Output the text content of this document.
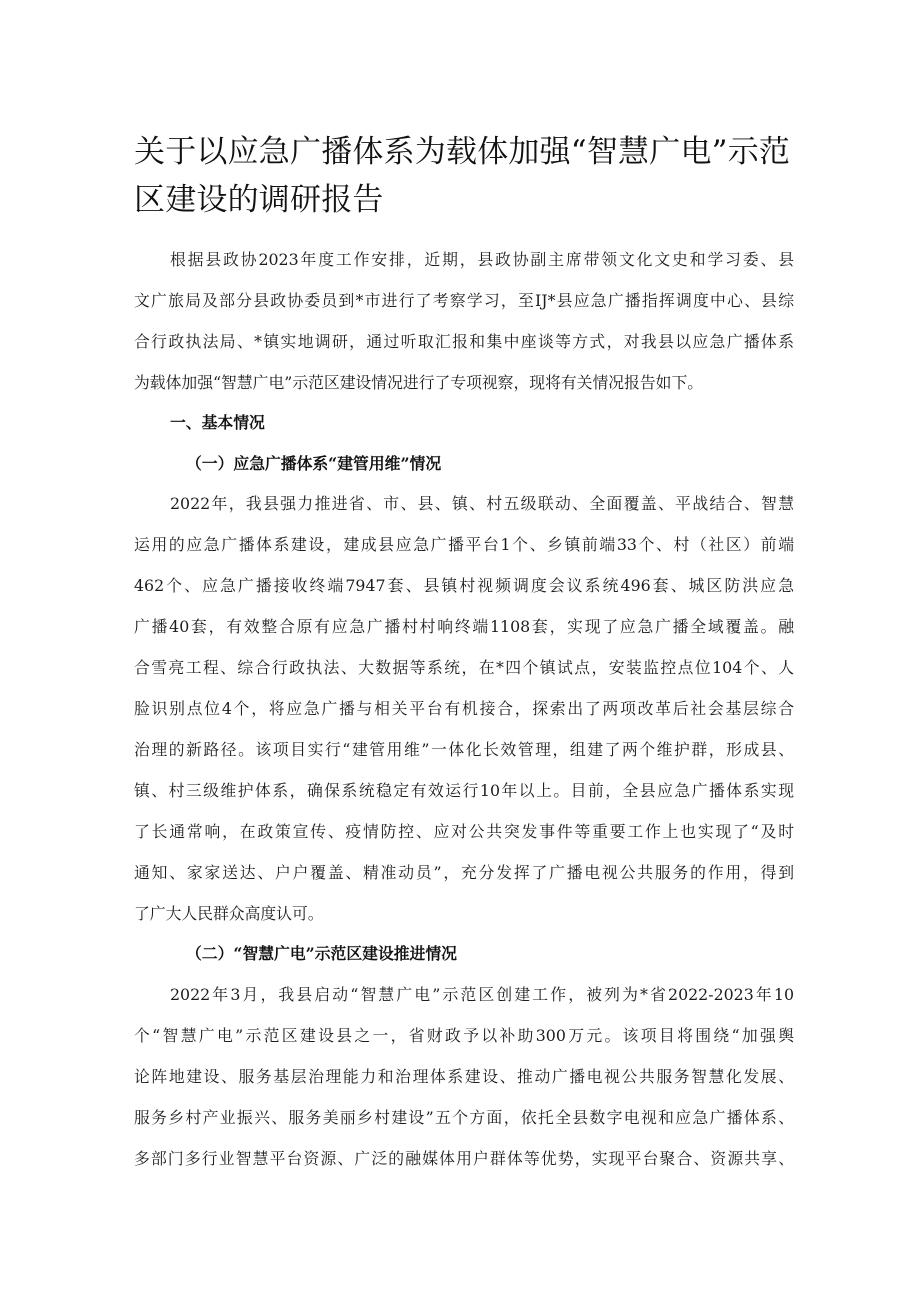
关于以应急广播体系为载体加强“智慧广电”示范区建设的调研报告

根据县政协2023年度工作安排，近期，县政协副主席带领文化文史和学习委、县

文广旅局及部分县政协委员到*市进行了考察学习，至IJ*县应急广播指挥调度中心、县综

合行政执法局、*镇实地调研，通过听取汇报和集中座谈等方式，对我县以应急广播体系

为载体加强“智慧广电”示范区建设情况进行了专项视察，现将有关情况报告如下。

一、基本情况

（一）应急广播体系“建管用维”情况

2022年，我县强力推进省、市、县、镇、村五级联动、全面覆盖、平战结合、智慧

运用的应急广播体系建设，建成县应急广播平台1个、乡镇前端33个、村（社区）前端

462个、应急广播接收终端7947套、县镇村视频调度会议系统496套、城区防洪应急

广播40套，有效整合原有应急广播村村响终端1108套，实现了应急广播全域覆盖。融

合雪亮工程、综合行政执法、大数据等系统，在*四个镇试点，安装监控点位104个、人

脸识别点位4个，将应急广播与相关平台有机接合，探索出了两项改革后社会基层综合

治理的新路径。该项目实行“建管用维”一体化长效管理，组建了两个维护群，形成县、

镇、村三级维护体系，确保系统稳定有效运行10年以上。目前，全县应急广播体系实现

了长通常响，在政策宣传、疫情防控、应对公共突发事件等重要工作上也实现了“及时

通知、家家送达、户户覆盖、精准动员”，充分发挥了广播电视公共服务的作用，得到

了广大人民群众高度认可。

（二）“智慧广电”示范区建设推进情况

2022年3月，我县启动“智慧广电”示范区创建工作，被列为*省2022-2023年10

个“智慧广电”示范区建设县之一，省财政予以补助300万元。该项目将围绕“加强舆

论阵地建设、服务基层治理能力和治理体系建设、推动广播电视公共服务智慧化发展、

服务乡村产业振兴、服务美丽乡村建设”五个方面，依托全县数字电视和应急广播体系、

多部门多行业智慧平台资源、广泛的融媒体用户群体等优势，实现平台聚合、资源共享、
